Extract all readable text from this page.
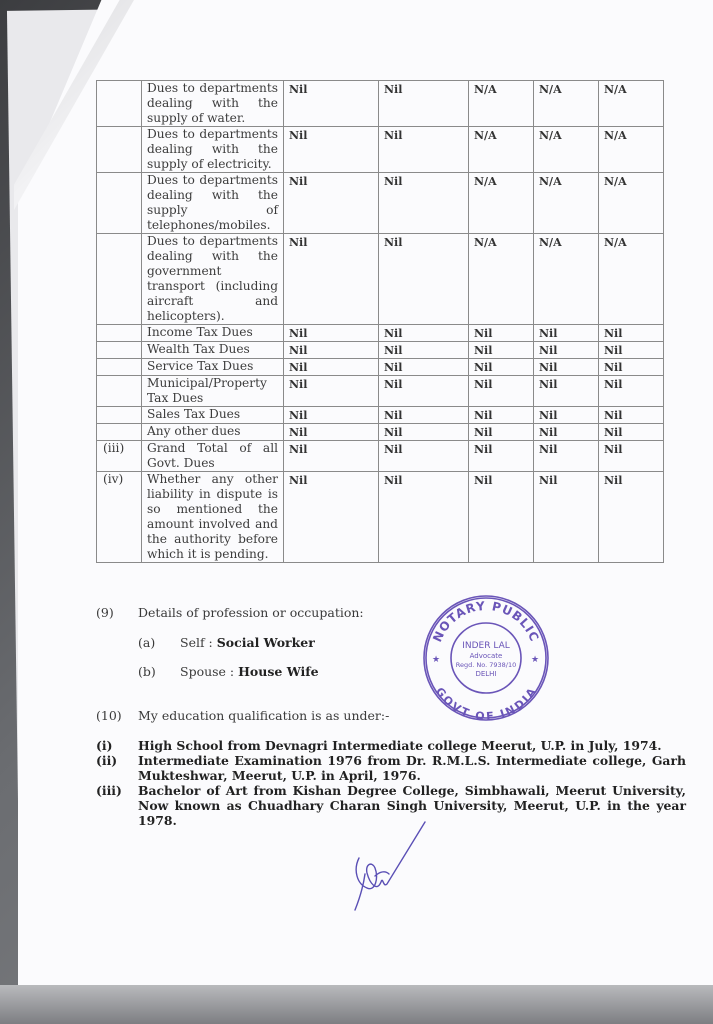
	Dues to departments dealing with the supply of water.	Nil	Nil	N/A	N/A	N/A
	Dues to departments dealing with the supply of electricity.	Nil	Nil	N/A	N/A	N/A
	Dues to departments dealing with the supply of telephones/mobiles.	Nil	Nil	N/A	N/A	N/A
	Dues to departments dealing with the government transport (including aircraft and helicopters).	Nil	Nil	N/A	N/A	N/A
	Income Tax Dues	Nil	Nil	Nil	Nil	Nil
	Wealth Tax Dues	Nil	Nil	Nil	Nil	Nil
	Service Tax Dues	Nil	Nil	Nil	Nil	Nil
	Municipal/Property Tax Dues	Nil	Nil	Nil	Nil	Nil
	Sales Tax Dues	Nil	Nil	Nil	Nil	Nil
	Any other dues	Nil	Nil	Nil	Nil	Nil
(iii)	Grand Total of all Govt. Dues	Nil	Nil	Nil	Nil	Nil
(iv)	Whether any other liability in dispute is so mentioned the amount involved and the authority before which it is pending.	Nil	Nil	Nil	Nil	Nil
(9) Details of profession or occupation:
(a) Self : Social Worker
(b) Spouse : House Wife
(10) My education qualification is as under:-
(i)	High School from Devnagri Intermediate college Meerut, U.P. in July, 1974.
(ii)	Intermediate Examination 1976 from Dr. R.M.L.S. Intermediate college, Garh Mukteshwar, Meerut, U.P. in April, 1976.
(iii)	Bachelor of Art from Kishan Degree College, Simbhawali, Meerut University, Now known as Chuadhary Charan Singh University, Meerut, U.P. in the year 1978.
NOTARY PUBLIC
GOVT OF INDIA
INDER LAL
Advocate
Regd. No. 7938/10
DELHI
★	★
